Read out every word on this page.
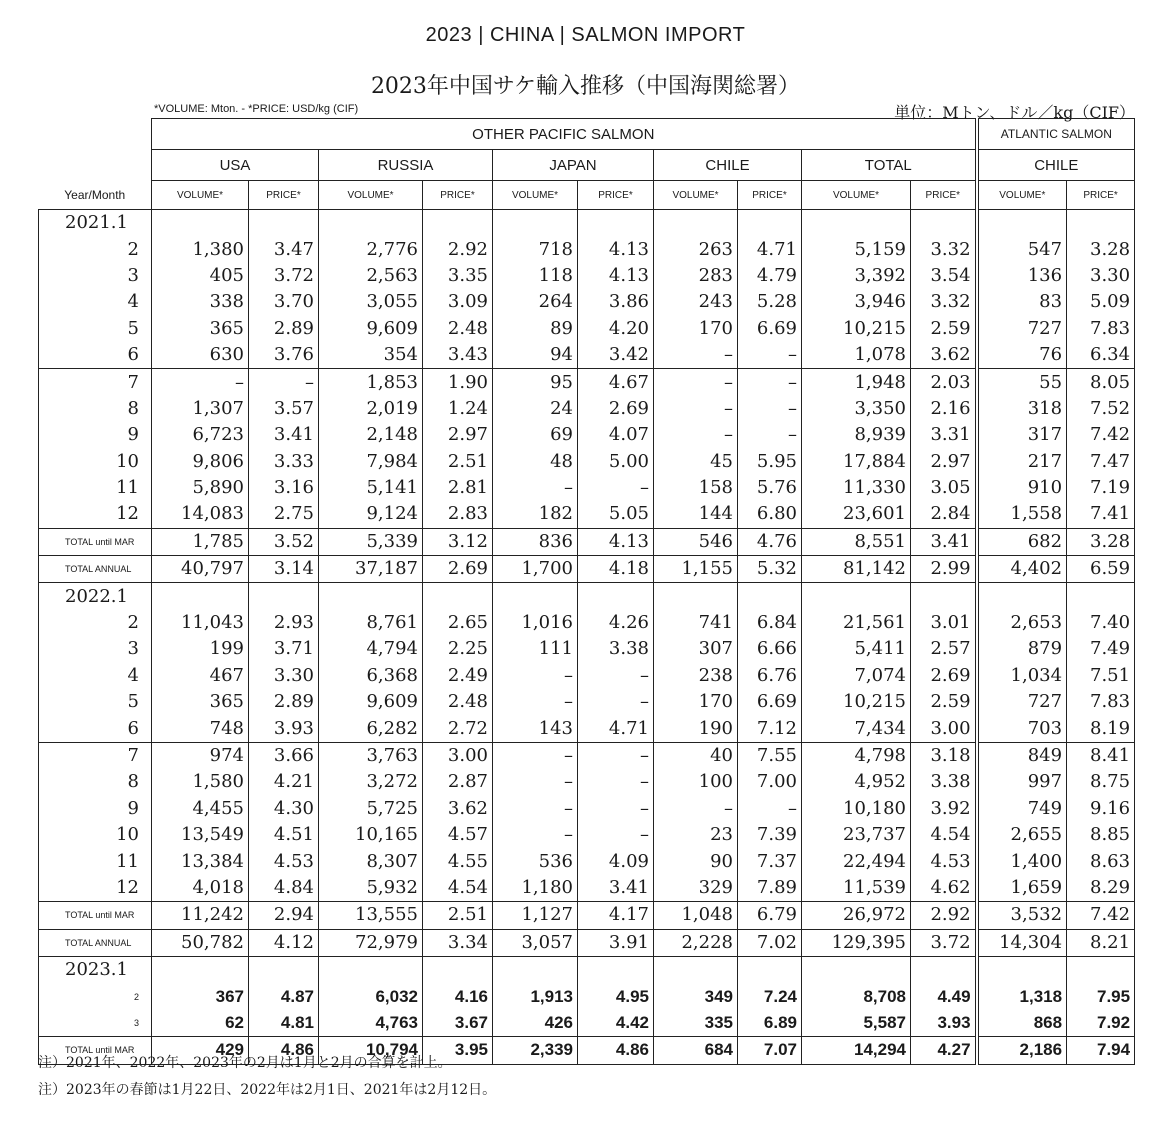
2023 | CHINA | SALMON IMPORT
2023年中国サケ輸入推移（中国海関総署）
*VOLUME: Mton. - *PRICE: USD/kg (CIF)	単位：Mトン、ドル／kg（CIF）
	OTHER PACIFIC SALMON										ATLANTIC SALMON	
	USA		RUSSIA		JAPAN		CHILE		TOTAL		CHILE	
Year/Month	VOLUME*	PRICE*	VOLUME*	PRICE*	VOLUME*	PRICE*	VOLUME*	PRICE*	VOLUME*	PRICE*	VOLUME*	PRICE*
2021.1												
2	1,380	3.47	2,776	2.92	718	4.13	263	4.71	5,159	3.32	547	3.28
3	405	3.72	2,563	3.35	118	4.13	283	4.79	3,392	3.54	136	3.30
4	338	3.70	3,055	3.09	264	3.86	243	5.28	3,946	3.32	83	5.09
5	365	2.89	9,609	2.48	89	4.20	170	6.69	10,215	2.59	727	7.83
6	630	3.76	354	3.43	94	3.42	–	–	1,078	3.62	76	6.34
7	–	–	1,853	1.90	95	4.67	–	–	1,948	2.03	55	8.05
8	1,307	3.57	2,019	1.24	24	2.69	–	–	3,350	2.16	318	7.52
9	6,723	3.41	2,148	2.97	69	4.07	–	–	8,939	3.31	317	7.42
10	9,806	3.33	7,984	2.51	48	5.00	45	5.95	17,884	2.97	217	7.47
11	5,890	3.16	5,141	2.81	–	–	158	5.76	11,330	3.05	910	7.19
12	14,083	2.75	9,124	2.83	182	5.05	144	6.80	23,601	2.84	1,558	7.41
TOTAL until MAR	1,785	3.52	5,339	3.12	836	4.13	546	4.76	8,551	3.41	682	3.28
TOTAL ANNUAL	40,797	3.14	37,187	2.69	1,700	4.18	1,155	5.32	81,142	2.99	4,402	6.59
2022.1												
2	11,043	2.93	8,761	2.65	1,016	4.26	741	6.84	21,561	3.01	2,653	7.40
3	199	3.71	4,794	2.25	111	3.38	307	6.66	5,411	2.57	879	7.49
4	467	3.30	6,368	2.49	–	–	238	6.76	7,074	2.69	1,034	7.51
5	365	2.89	9,609	2.48	–	–	170	6.69	10,215	2.59	727	7.83
6	748	3.93	6,282	2.72	143	4.71	190	7.12	7,434	3.00	703	8.19
7	974	3.66	3,763	3.00	–	–	40	7.55	4,798	3.18	849	8.41
8	1,580	4.21	3,272	2.87	–	–	100	7.00	4,952	3.38	997	8.75
9	4,455	4.30	5,725	3.62	–	–	–	–	10,180	3.92	749	9.16
10	13,549	4.51	10,165	4.57	–	–	23	7.39	23,737	4.54	2,655	8.85
11	13,384	4.53	8,307	4.55	536	4.09	90	7.37	22,494	4.53	1,400	8.63
12	4,018	4.84	5,932	4.54	1,180	3.41	329	7.89	11,539	4.62	1,659	8.29
TOTAL until MAR	11,242	2.94	13,555	2.51	1,127	4.17	1,048	6.79	26,972	2.92	3,532	7.42
TOTAL ANNUAL	50,782	4.12	72,979	3.34	3,057	3.91	2,228	7.02	129,395	3.72	14,304	8.21
2023.1												
2	367	4.87	6,032	4.16	1,913	4.95	349	7.24	8,708	4.49	1,318	7.95
3	62	4.81	4,763	3.67	426	4.42	335	6.89	5,587	3.93	868	7.92
TOTAL until MAR	429	4.86	10,794	3.95	2,339	4.86	684	7.07	14,294	4.27	2,186	7.94
注）2021年、2022年、2023年の2月は1月と2月の合算を計上。
注）2023年の春節は1月22日、2022年は2月1日、2021年は2月12日。
